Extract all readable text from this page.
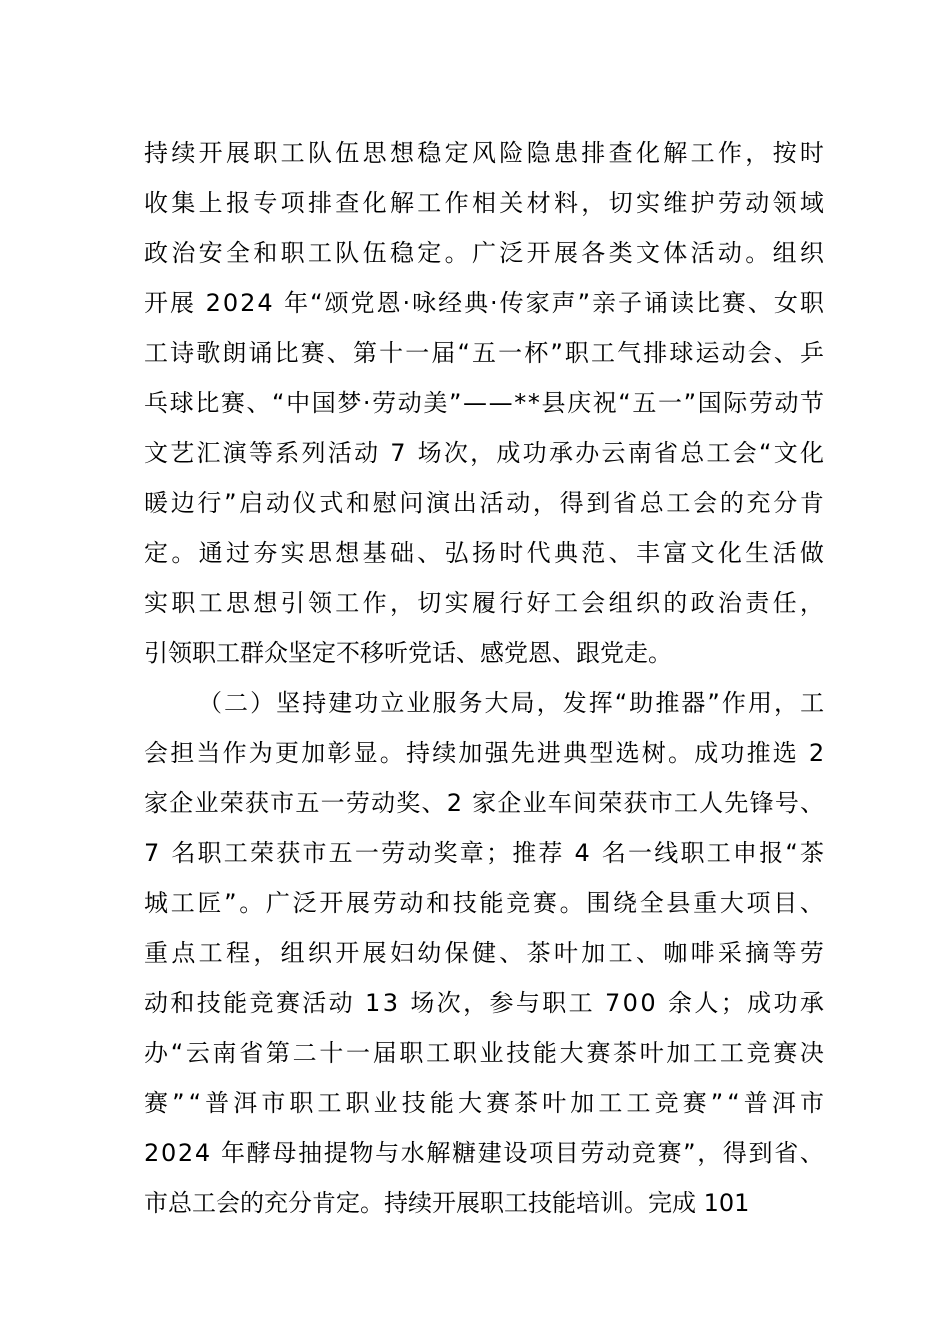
持续开展职工队伍思想稳定风险隐患排查化解工作，按时
收集上报专项排查化解工作相关材料，切实维护劳动领域
政治安全和职工队伍稳定。广泛开展各类文体活动。组织
开展 2024 年“颂党恩·咏经典·传家声”亲子诵读比赛、女职
工诗歌朗诵比赛、第十一届“五一杯”职工气排球运动会、乒
乓球比赛、“中国梦·劳动美”——**县庆祝“五一”国际劳动节
文艺汇演等系列活动 7 场次，成功承办云南省总工会“文化
暖边行”启动仪式和慰问演出活动，得到省总工会的充分肯
定。通过夯实思想基础、弘扬时代典范、丰富文化生活做
实职工思想引领工作，切实履行好工会组织的政治责任，
引领职工群众坚定不移听党话、感党恩、跟党走。
（二）坚持建功立业服务大局，发挥“助推器”作用，工
会担当作为更加彰显。持续加强先进典型选树。成功推选 2
家企业荣获市五一劳动奖、2 家企业车间荣获市工人先锋号、
7 名职工荣获市五一劳动奖章；推荐 4 名一线职工申报“茶
城工匠”。广泛开展劳动和技能竞赛。围绕全县重大项目、
重点工程，组织开展妇幼保健、茶叶加工、咖啡采摘等劳
动和技能竞赛活动 13 场次，参与职工 700 余人；成功承
办“云南省第二十一届职工职业技能大赛茶叶加工工竞赛决
赛”“普洱市职工职业技能大赛茶叶加工工竞赛”“普洱市
2024 年酵母抽提物与水解糖建设项目劳动竞赛”，得到省、
市总工会的充分肯定。持续开展职工技能培训。完成 101
